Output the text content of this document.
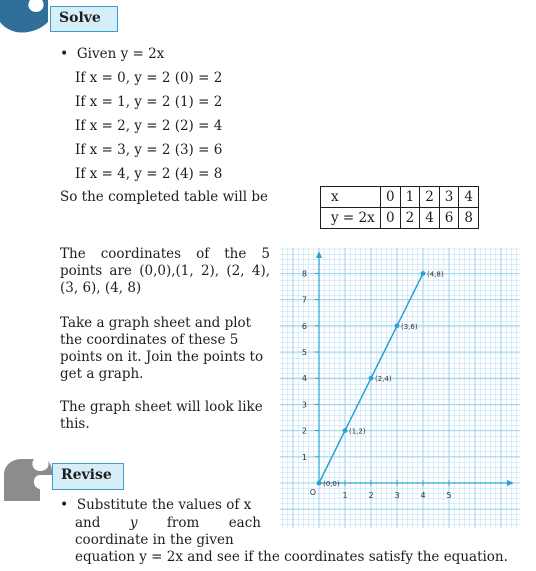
Solve
• Given y = 2x
If x = 0, y = 2 (0) = 2
If x = 1, y = 2 (1) = 2
If x = 2, y = 2 (2) = 4
If x = 3, y = 2 (3) = 6
If x = 4, y = 2 (4) = 8
So the completed table will be	x	0	1	2	3	4
y = 2x	0	2	4	6	8
The coordinates of the 5 points are (0,0),(1, 2), (2, 4), (3, 6), (4, 8)
Take a graph sheet and plot the coordinates of these 5 points on it. Join the points to get a graph.
The graph sheet will look like this.
Revise
• Substitute the values of x
and y from each
coordinate in the given
equation y = 2x and see if the coordinates satisfy the equation.
1	2	3	4	5
1
2
3
4
5
6
7
8
O
(0,0)
(1,2)
(2,4)
(3,6)
(4,8)
